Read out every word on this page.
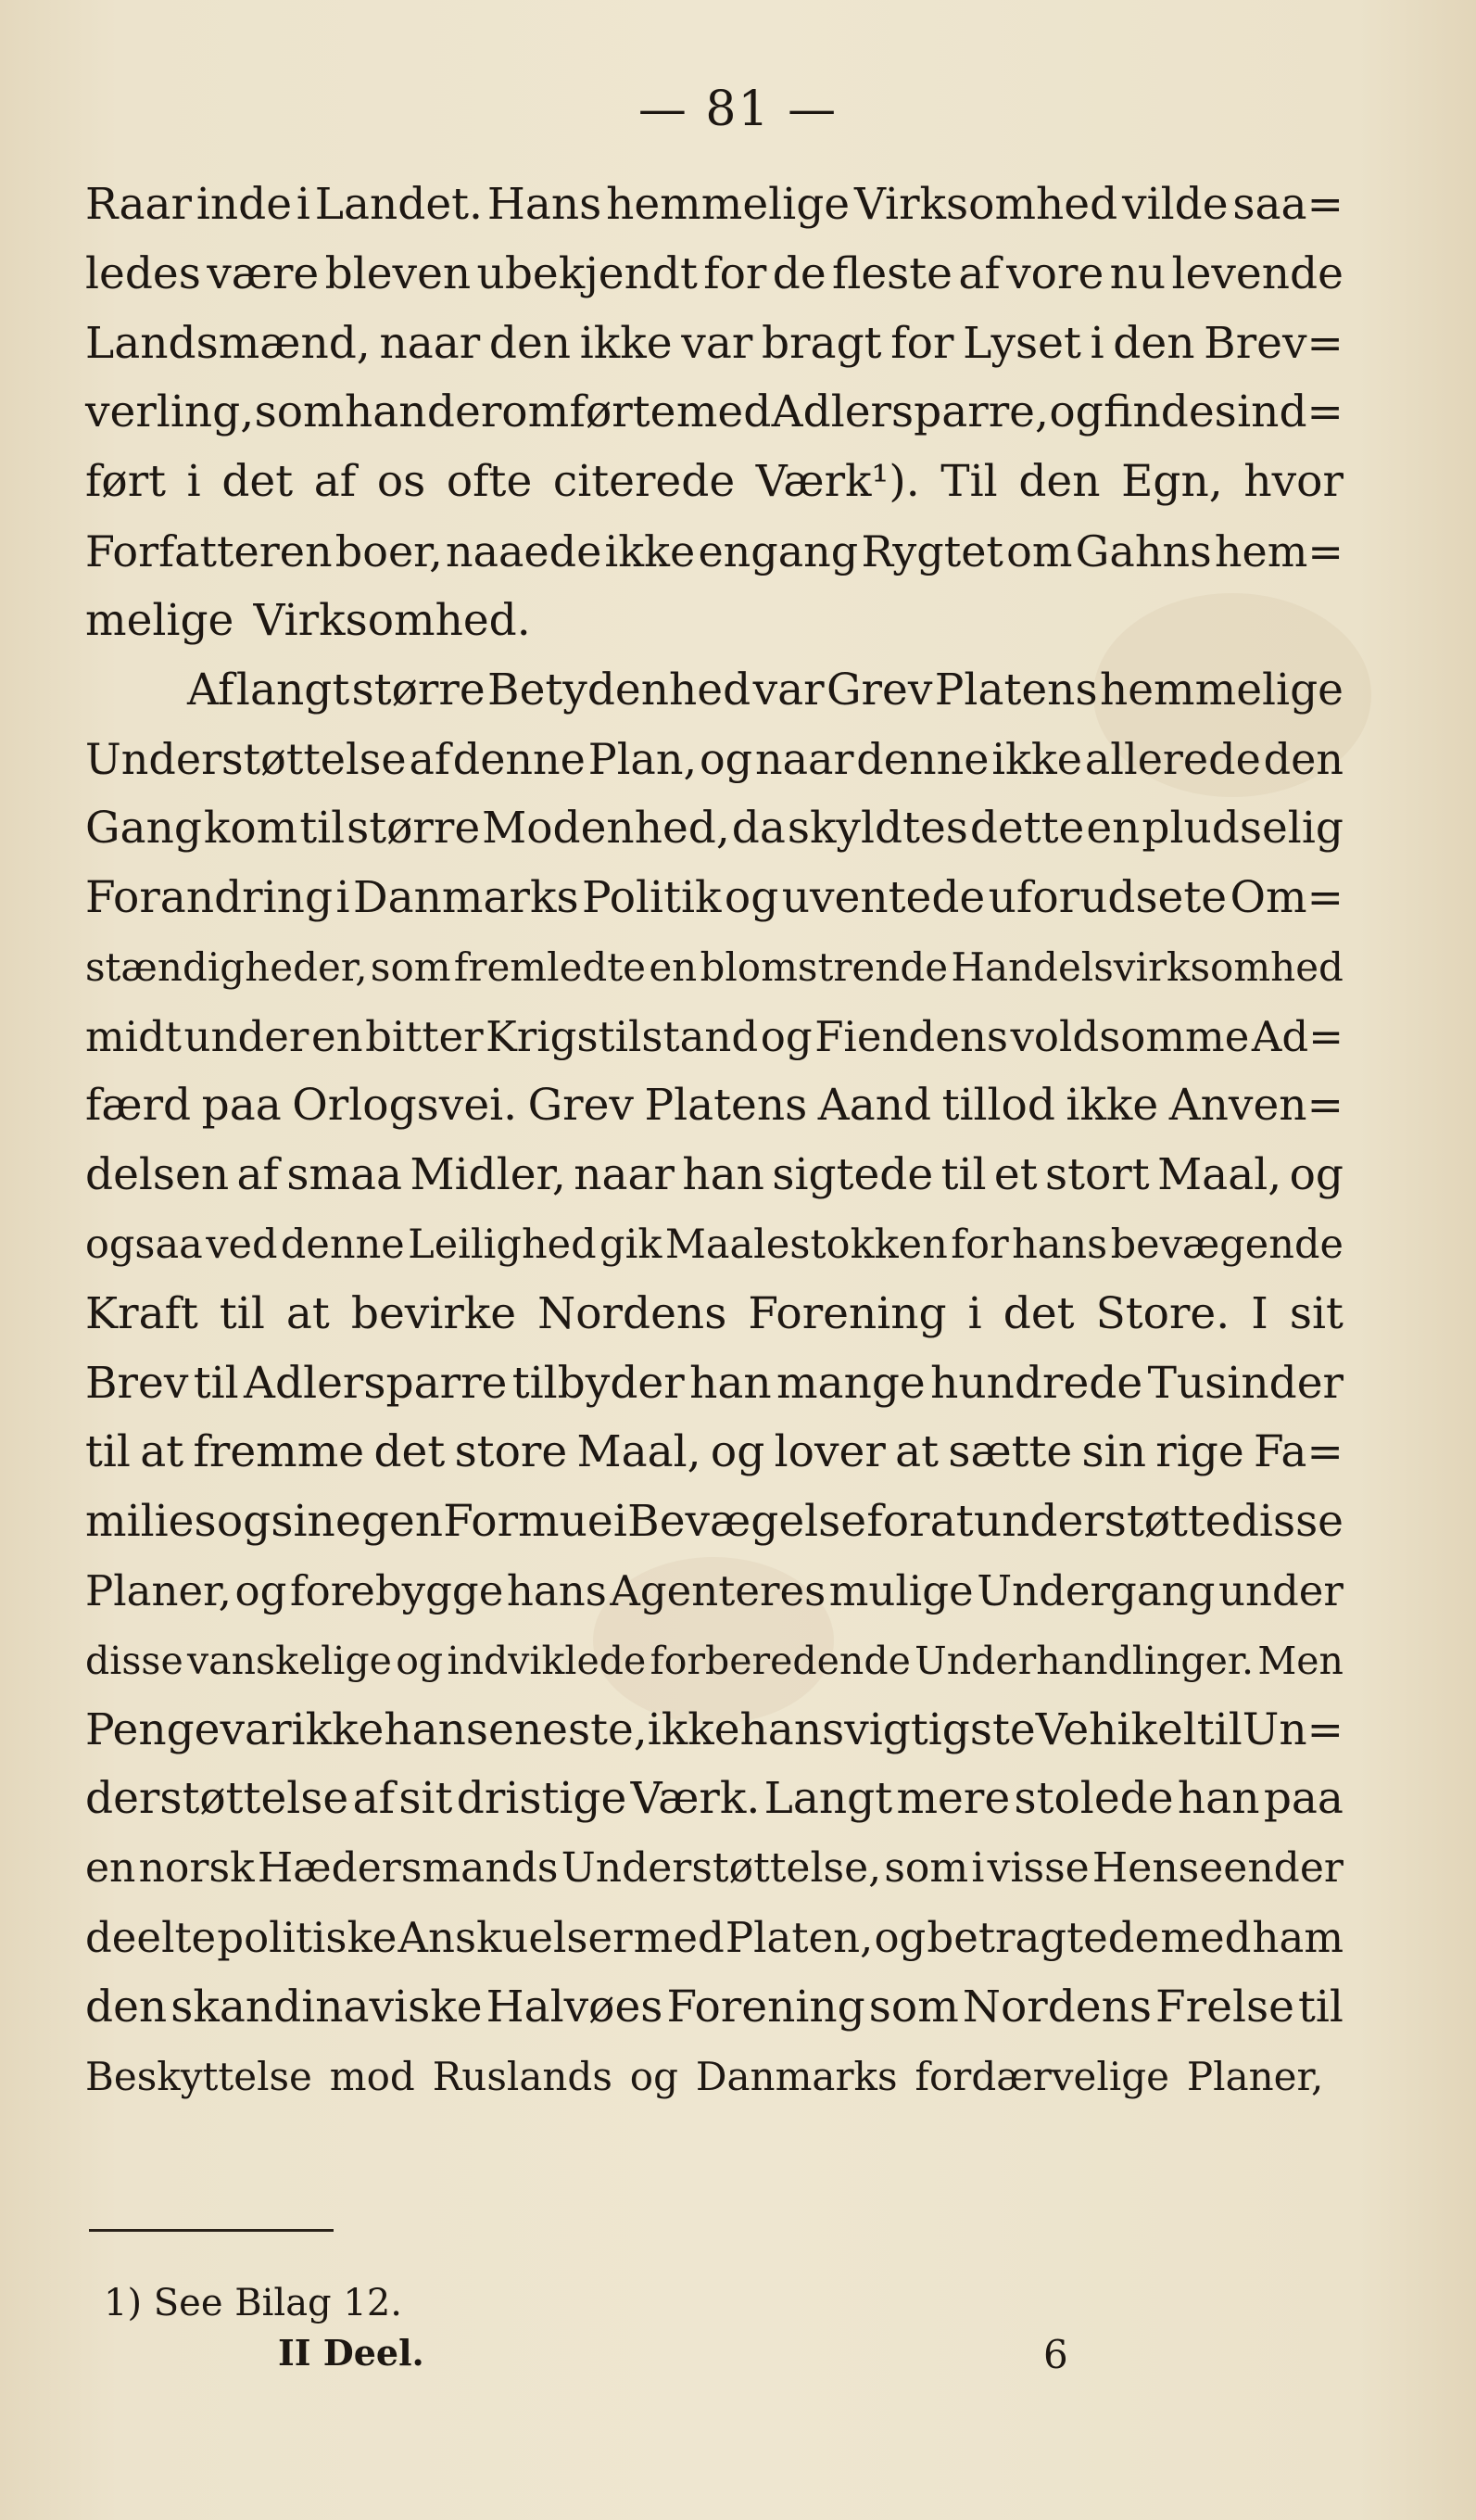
— 81 —
Raar inde i Landet. Hans hemmelige Virksomhed vilde saa=
ledes være bleven ubekjendt for de fleste af vore nu levende
Landsmænd, naar den ikke var bragt for Lyset i den Brev=
verling, som han derom førte med Adlersparre, og findes ind=
ført i det af os ofte citerede Værk¹). Til den Egn, hvor
Forfatteren boer, naaede ikke engang Rygtet om Gahns hem=
melige Virksomhed.
Af langt større Betydenhed var Grev Platens hemmelige
Understøttelse af denne Plan, og naar denne ikke allerede den
Gang kom til større Modenhed, da skyldtes dette en pludselig
Forandring i Danmarks Politik og uventede uforudsete Om=
stændigheder, som fremledte en blomstrende Handelsvirksomhed
midt under en bitter Krigstilstand og Fiendens voldsomme Ad=
færd paa Orlogsvei. Grev Platens Aand tillod ikke Anven=
delsen af smaa Midler, naar han sigtede til et stort Maal, og
ogsaa ved denne Leilighed gik Maalestokken for hans bevægende
Kraft til at bevirke Nordens Forening i det Store. I sit
Brev til Adlersparre tilbyder han mange hundrede Tusinder
til at fremme det store Maal, og lover at sætte sin rige Fa=
milies og sin egen Formue i Bevægelse for at understøtte disse
Planer, og forebygge hans Agenteres mulige Undergang under
disse vanskelige og indviklede forberedende Underhandlinger. Men
Penge var ikke hans eneste, ikke hans vigtigste Vehikel til Un=
derstøttelse af sit dristige Værk. Langt mere stolede han paa
en norsk Hædersmands Understøttelse, som i visse Henseender
deelte politiske Anskuelser med Platen, og betragtede med ham
den skandinaviske Halvøes Forening som Nordens Frelse til
Beskyttelse mod Ruslands og Danmarks fordærvelige Planer,
1) See Bilag 12.
II Deel.	6
